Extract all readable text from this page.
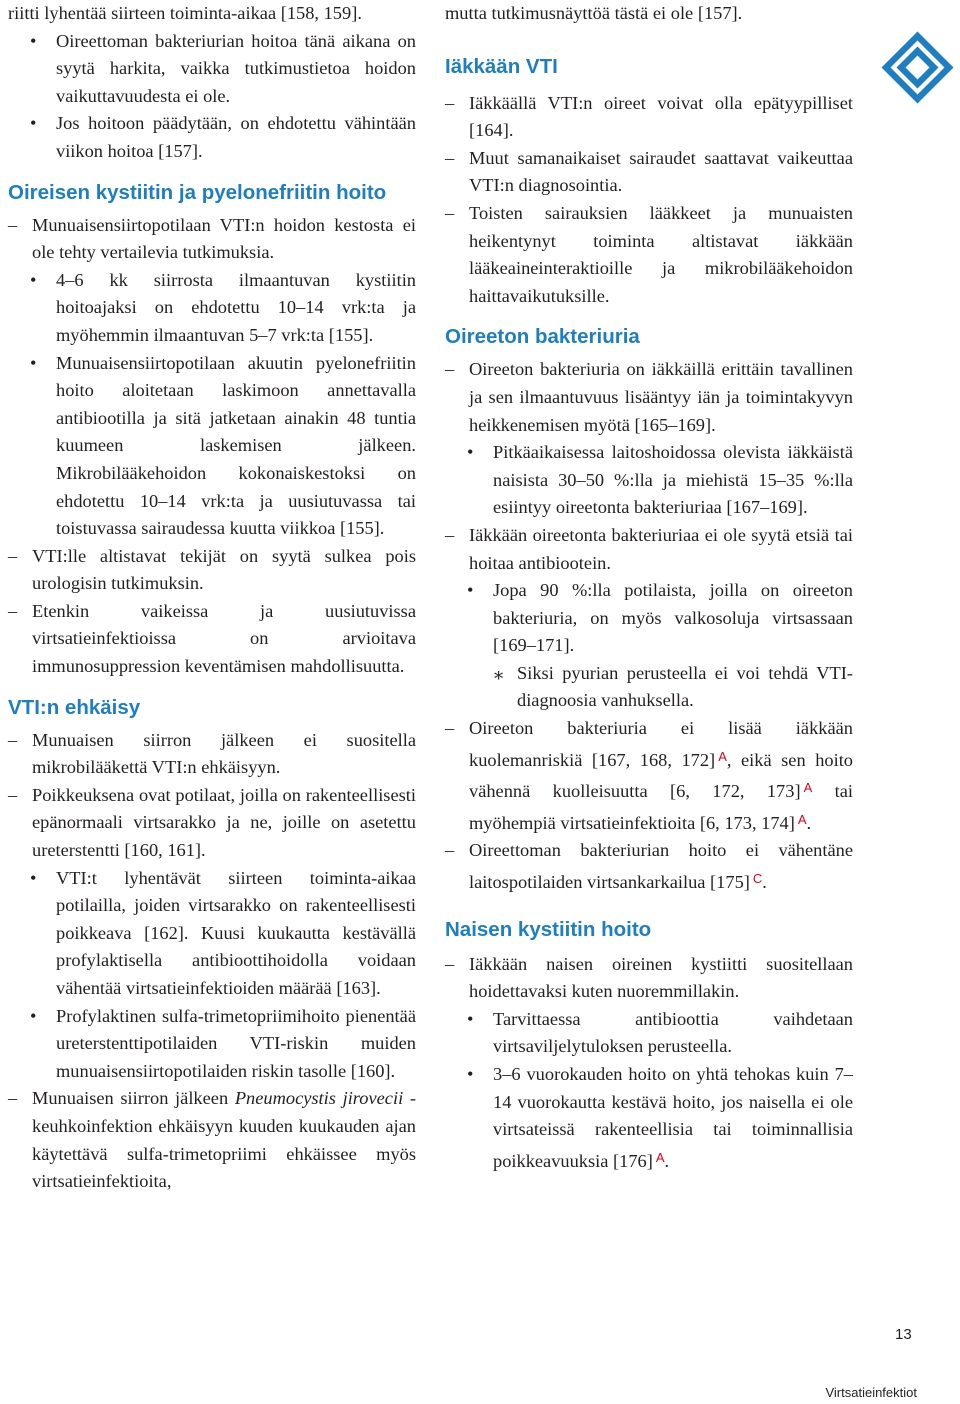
riitti lyhentää siirteen toiminta-aikaa [158, 159].

• Oireettoman bakteriurian hoitoa tänä aikana on syytä harkita, vaikka tutkimustietoa hoidon vaikuttavuudesta ei ole.

• Jos hoitoon päädytään, on ehdotettu vähintään viikon hoitoa [157].

Oireisen kystiitin ja pyelonefriitin hoito

– Munuaisensiirtopotilaan VTI:n hoidon kestosta ei ole tehty vertailevia tutkimuksia.

• 4–6 kk siirrosta ilmaantuvan kystiitin hoitoajaksi on ehdotettu 10–14 vrk:ta ja myöhemmin ilmaantuvan 5–7 vrk:ta [155].

• Munuaisensiirtopotilaan akuutin pyelonefriitin hoito aloitetaan laskimoon annettavalla antibiootilla ja sitä jatketaan ainakin 48 tuntia kuumeen laskemisen jälkeen. Mikrobilääkehoidon kokonaiskestoksi on ehdotettu 10–14 vrk:ta ja uusiutuvassa tai toistuvassa sairaudessa kuutta viikkoa [155].

– VTI:lle altistavat tekijät on syytä sulkea pois urologisin tutkimuksin.

– Etenkin vaikeissa ja uusiutuvissa virtsatieinfektioissa on arvioitava immunosuppression keventämisen mahdollisuutta.

VTI:n ehkäisy

– Munuaisen siirron jälkeen ei suositella mikrobilääkettä VTI:n ehkäisyyn.

– Poikkeuksena ovat potilaat, joilla on rakenteellisesti epänormaali virtsarakko ja ne, joille on asetettu ureterstentti [160, 161].

• VTI:t lyhentävät siirteen toiminta-aikaa potilailla, joiden virtsarakko on rakenteellisesti poikkeava [162]. Kuusi kuukautta kestävällä profylaktisella antibioottihoidolla voidaan vähentää virtsatieinfektioiden määrää [163].

• Profylaktinen sulfa-trimetopriimihoito pienentää ureterstenttipotilaiden VTI-riskin muiden munuaisensiirtopotilaiden riskin tasolle [160].

– Munuaisen siirron jälkeen Pneumocystis jirovecii -keuhkoinfektion ehkäisyyn kuuden kuukauden ajan käytettävä sulfa-trimetopriimi ehkäissee myös virtsatieinfektioita,

mutta tutkimusnäyttöä tästä ei ole [157].

Iäkkään VTI

– Iäkkäällä VTI:n oireet voivat olla epätyypilliset [164].

– Muut samanaikaiset sairaudet saattavat vaikeuttaa VTI:n diagnosointia.

– Toisten sairauksien lääkkeet ja munuaisten heikentynyt toiminta altistavat iäkkään lääkeaineinteraktioille ja mikrobilääkehoidon haittavaikutuksille.

Oireeton bakteriuria

– Oireeton bakteriuria on iäkkäillä erittäin tavallinen ja sen ilmaantuvuus lisääntyy iän ja toimintakyvyn heikkenemisen myötä [165–169].

• Pitkäaikaisessa laitoshoidossa olevista iäkkäistä naisista 30–50 %:lla ja miehistä 15–35 %:lla esiintyy oireetonta bakteriuriaa [167–169].

– Iäkkään oireetonta bakteriuriaa ei ole syytä etsiä tai hoitaa antibiootein.

• Jopa 90 %:lla potilaista, joilla on oireeton bakteriuria, on myös valkosoluja virtsassaan [169–171].

⁎ Siksi pyurian perusteella ei voi tehdä VTI-diagnoosia vanhuksella.

– Oireeton bakteriuria ei lisää iäkkään kuolemanriskiä [167, 168, 172] $^A$, eikä sen hoito vähennä kuolleisuutta [6, 172, 173] $^A$ tai myöhempiä virtsatieinfektioita [6, 173, 174] $^A$.

– Oireettoman bakteriurian hoito ei vähentäne laitospotilaiden virtsankarkailua [175] $^C$.

Naisen kystiitin hoito

– Iäkkään naisen oireinen kystiitti suositellaan hoidettavaksi kuten nuoremmillakin.

• Tarvittaessa antibioottia vaihdetaan virtsaviljelytuloksen perusteella.

• 3–6 vuorokauden hoito on yhtä tehokas kuin 7–14 vuorokautta kestävä hoito, jos naisella ei ole virtsateissä rakenteellisia tai toiminnallisia poikkeavuuksia [176] $^A$.

13
Virtsatieinfektiot
